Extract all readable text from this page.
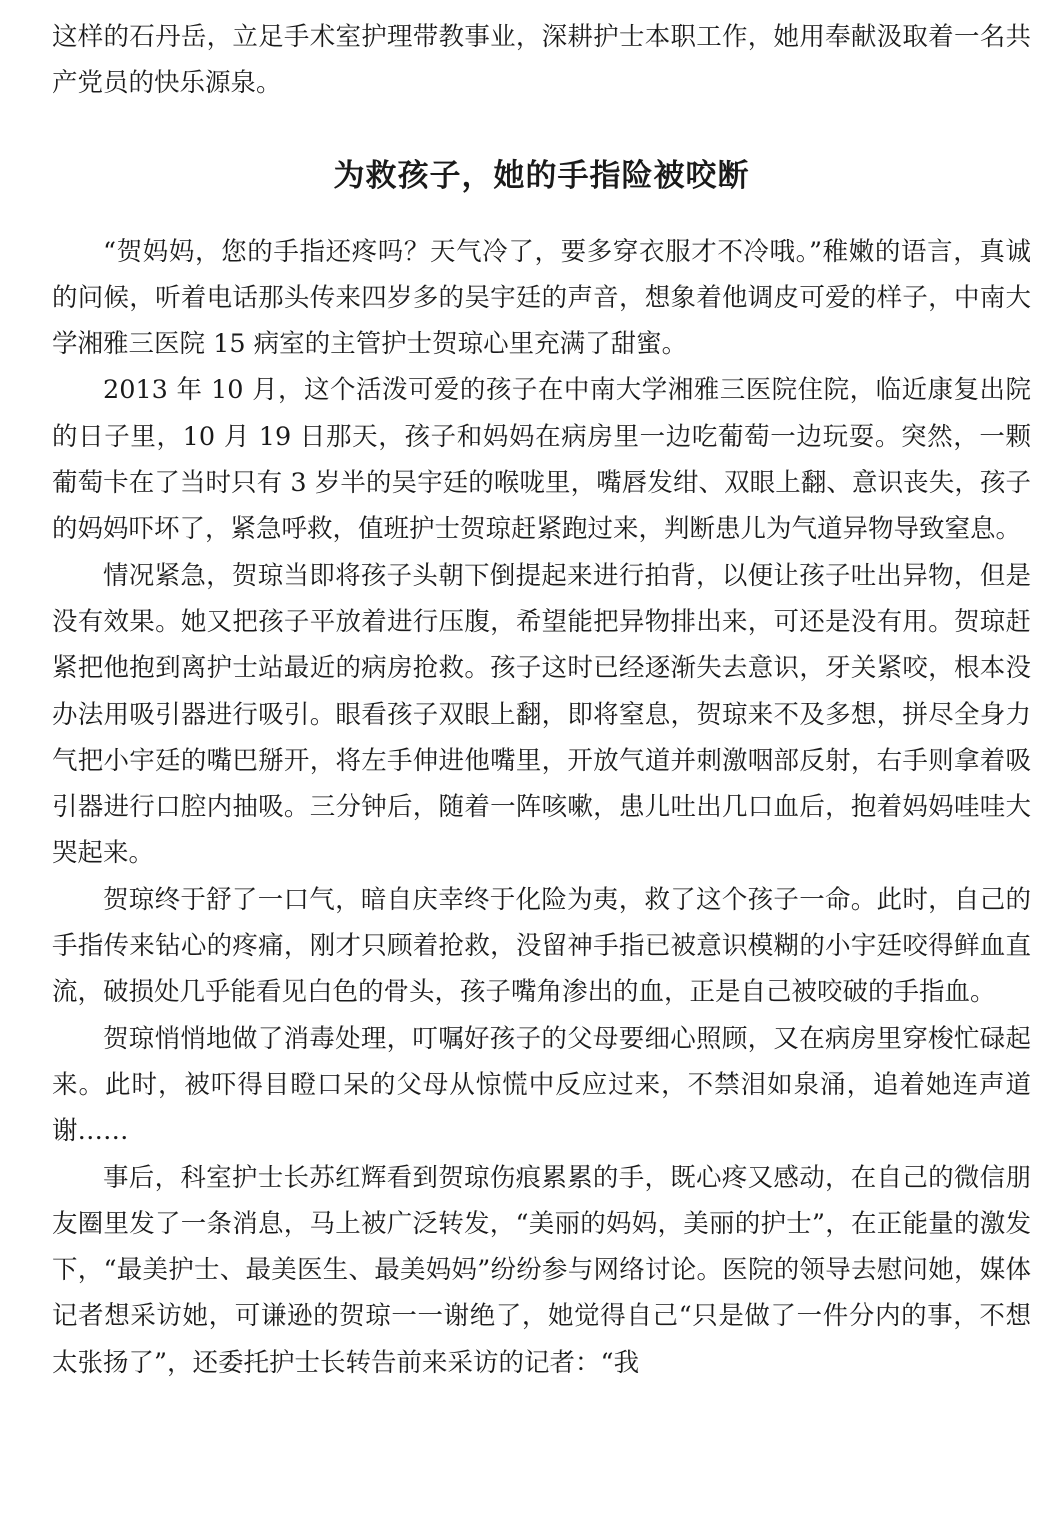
这样的石丹岳，立足手术室护理带教事业，深耕护士本职工作，她用奉献汲取着一名共产党员的快乐源泉。

为救孩子，她的手指险被咬断

“贺妈妈，您的手指还疼吗？天气冷了，要多穿衣服才不冷哦。”稚嫩的语言，真诚的问候，听着电话那头传来四岁多的吴宇廷的声音，想象着他调皮可爱的样子，中南大学湘雅三医院 15 病室的主管护士贺琼心里充满了甜蜜。

2013 年 10 月，这个活泼可爱的孩子在中南大学湘雅三医院住院，临近康复出院的日子里，10 月 19 日那天，孩子和妈妈在病房里一边吃葡萄一边玩耍。突然，一颗葡萄卡在了当时只有 3 岁半的吴宇廷的喉咙里，嘴唇发绀、双眼上翻、意识丧失，孩子的妈妈吓坏了，紧急呼救，值班护士贺琼赶紧跑过来，判断患儿为气道异物导致窒息。

情况紧急，贺琼当即将孩子头朝下倒提起来进行拍背，以便让孩子吐出异物，但是没有效果。她又把孩子平放着进行压腹，希望能把异物排出来，可还是没有用。贺琼赶紧把他抱到离护士站最近的病房抢救。孩子这时已经逐渐失去意识，牙关紧咬，根本没办法用吸引器进行吸引。眼看孩子双眼上翻，即将窒息，贺琼来不及多想，拼尽全身力气把小宇廷的嘴巴掰开，将左手伸进他嘴里，开放气道并刺激咽部反射，右手则拿着吸引器进行口腔内抽吸。三分钟后，随着一阵咳嗽，患儿吐出几口血后，抱着妈妈哇哇大哭起来。

贺琼终于舒了一口气，暗自庆幸终于化险为夷，救了这个孩子一命。此时，自己的手指传来钻心的疼痛，刚才只顾着抢救，没留神手指已被意识模糊的小宇廷咬得鲜血直流，破损处几乎能看见白色的骨头，孩子嘴角渗出的血，正是自己被咬破的手指血。

贺琼悄悄地做了消毒处理，叮嘱好孩子的父母要细心照顾，又在病房里穿梭忙碌起来。此时，被吓得目瞪口呆的父母从惊慌中反应过来，不禁泪如泉涌，追着她连声道谢……

事后，科室护士长苏红辉看到贺琼伤痕累累的手，既心疼又感动，在自己的微信朋友圈里发了一条消息，马上被广泛转发，“美丽的妈妈，美丽的护士”，在正能量的激发下，“最美护士、最美医生、最美妈妈”纷纷参与网络讨论。医院的领导去慰问她，媒体记者想采访她，可谦逊的贺琼一一谢绝了，她觉得自己“只是做了一件分内的事，不想太张扬了”，还委托护士长转告前来采访的记者：“我
